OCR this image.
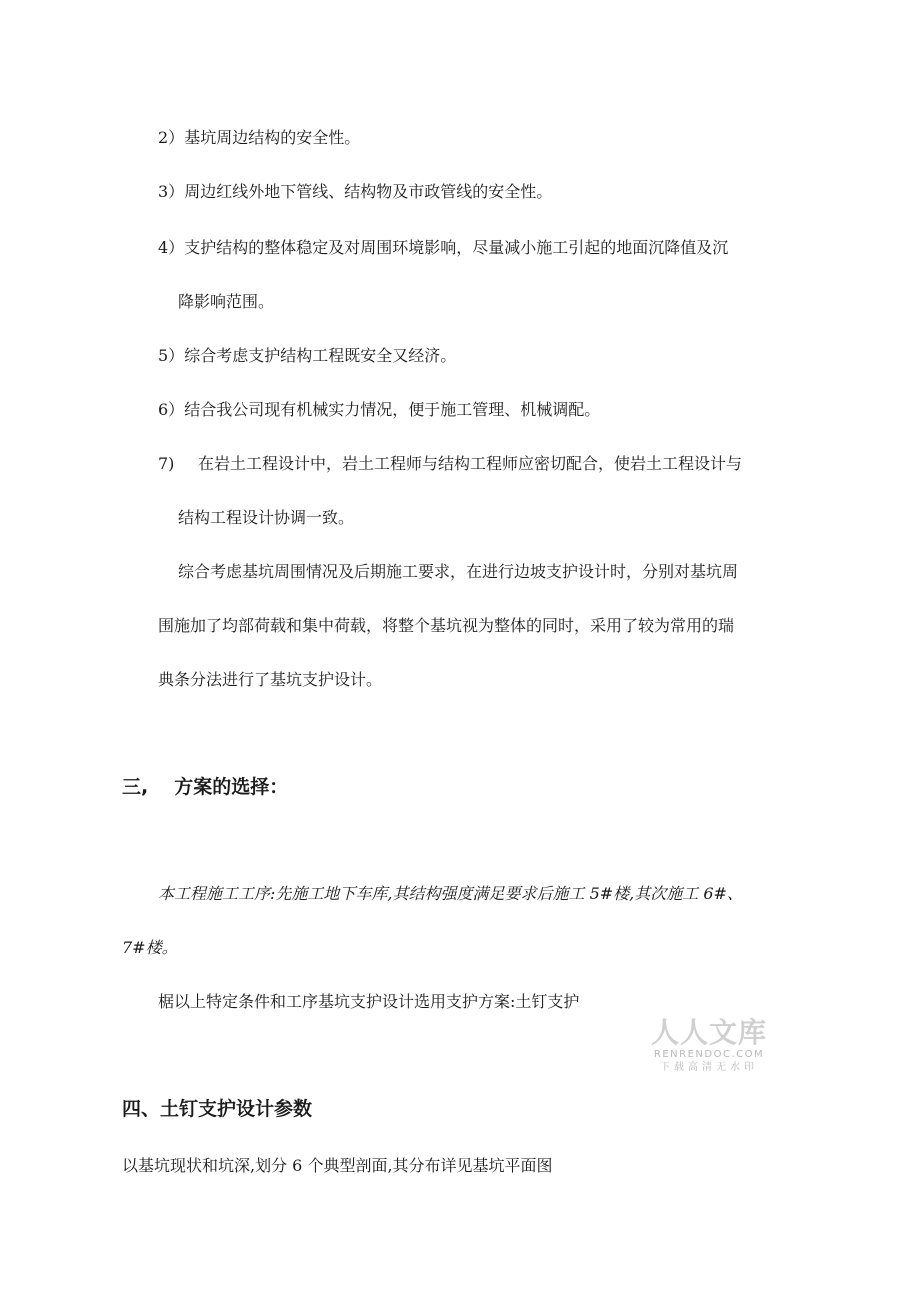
2）基坑周边结构的安全性。

3）周边红线外地下管线、结构物及市政管线的安全性。

4）支护结构的整体稳定及对周围环境影响，尽量减小施工引起的地面沉降值及沉

降影响范围。

5）综合考虑支护结构工程既安全又经济。

6）结合我公司现有机械实力情况，便于施工管理、机械调配。

7) 在岩土工程设计中，岩土工程师与结构工程师应密切配合，使岩土工程设计与

结构工程设计协调一致。

综合考虑基坑周围情况及后期施工要求，在进行边坡支护设计时，分别对基坑周

围施加了均部荷载和集中荷载，将整个基坑视为整体的同时，采用了较为常用的瑞

典条分法进行了基坑支护设计。

三, 方案的选择：

本工程施工工序:先施工地下车库,其结构强度满足要求后施工 5#楼,其次施工 6#、

7#楼。

椐以上特定条件和工序基坑支护设计选用支护方案:土钉支护

人人文库
RENRENDOC.COM
下载高清无水印
四、土钉支护设计参数

以基坑现状和坑深,划分 6 个典型剖面,其分布详见基坑平面图
